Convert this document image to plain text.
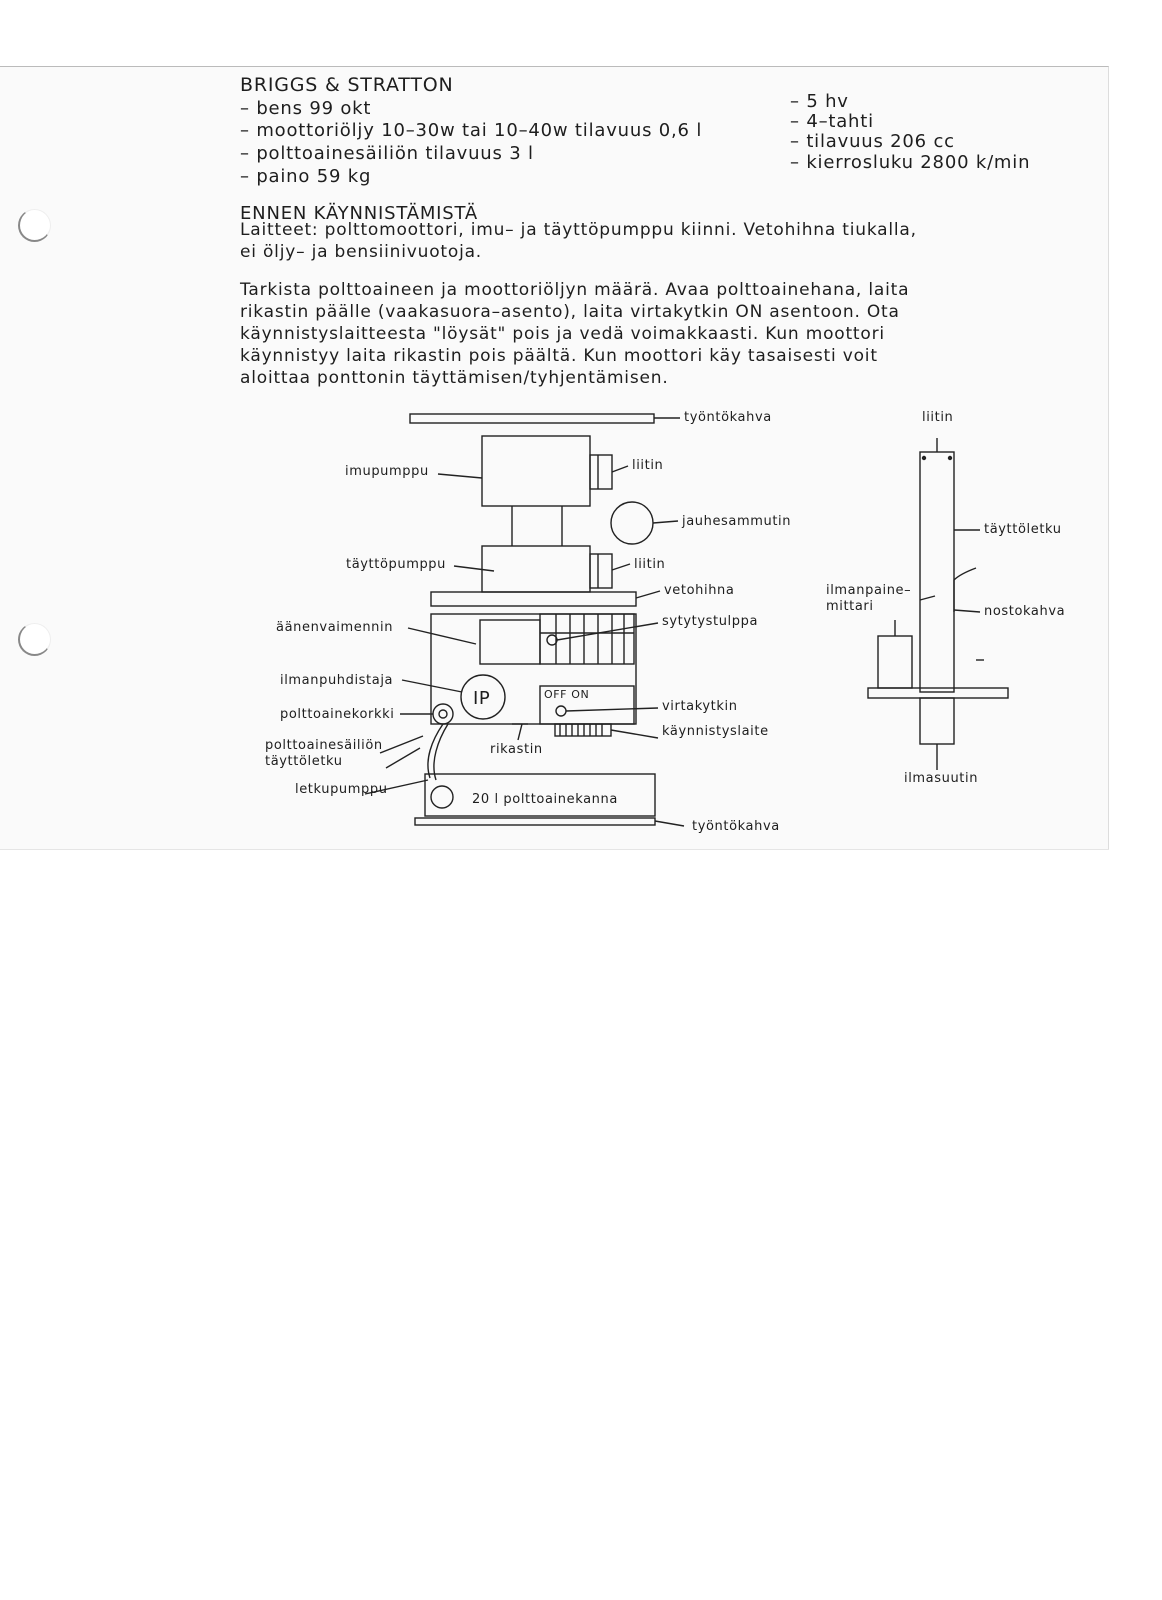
BRIGGS & STRATTON
– bens 99 okt
– moottoriöljy 10–30w tai 10–40w tilavuus 0,6 l
– polttoainesäiliön tilavuus 3 l
– paino 59 kg
– 5 hv
– 4–tahti
– tilavuus 206 cc
– kierrosluku 2800 k/min
ENNEN KÄYNNISTÄMISTÄ
Laitteet: polttomoottori, imu– ja täyttöpumppu kiinni. Vetohihna tiukalla,
ei öljy– ja bensiinivuotoja.
Tarkista polttoaineen ja moottoriöljyn määrä. Avaa polttoainehana, laita
rikastin päälle (vaakasuora–asento), laita virtakytkin ON asentoon. Ota
käynnistyslaitteesta "löysät" pois ja vedä voimakkaasti. Kun moottori
käynnistyy laita rikastin pois päältä. Kun moottori käy tasaisesti voit
aloittaa ponttonin täyttämisen/tyhjentämisen.
työntökahva
imupumppu	liitin
jauhesammutin
täyttöpumppu	liitin
vetohihna
äänenvaimennin	sytytystulppa
ilmanpuhdistaja
IP	OFF ON
virtakytkin
polttoainekorkki
käynnistyslaite
polttoainesäiliön
täyttöletku
rikastin
letkupumppu
20 l polttoainekanna
työntökahva
liitin
täyttöletku
ilmanpaine–
mittari	nostokahva
ilmasuutin
